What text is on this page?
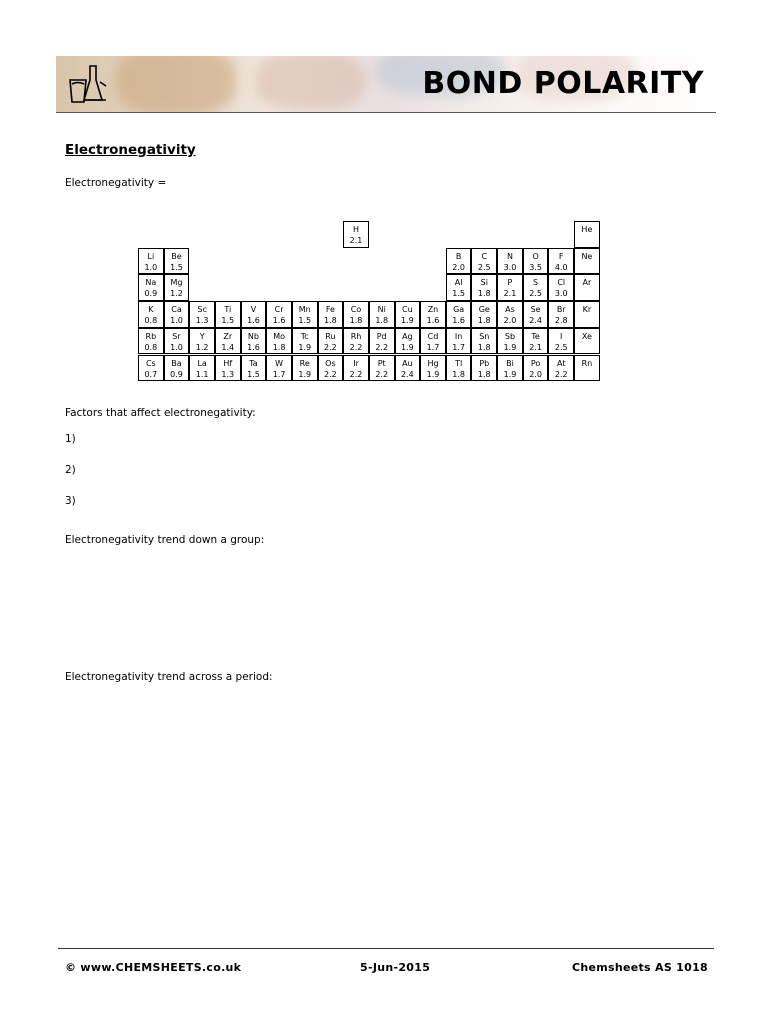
BOND POLARITY
Electronegativity
Electronegativity =
H
2.1
He
Li
1.0
Be
1.5
B
2.0
C
2.5
N
3.0
O
3.5
F
4.0
Ne
Na
0.9
Mg
1.2
Al
1.5
Si
1.8
P
2.1
S
2.5
Cl
3.0
Ar
K
0.8
Ca
1.0
Sc
1.3
Ti
1.5
V
1.6
Cr
1.6
Mn
1.5
Fe
1.8
Co
1.8
Ni
1.8
Cu
1.9
Zn
1.6
Ga
1.6
Ge
1.8
As
2.0
Se
2.4
Br
2.8
Kr
Rb
0.8
Sr
1.0
Y
1.2
Zr
1.4
Nb
1.6
Mo
1.8
Tc
1.9
Ru
2.2
Rh
2.2
Pd
2.2
Ag
1.9
Cd
1.7
In
1.7
Sn
1.8
Sb
1.9
Te
2.1
I
2.5
Xe
Cs
0.7
Ba
0.9
La
1.1
Hf
1.3
Ta
1.5
W
1.7
Re
1.9
Os
2.2
Ir
2.2
Pt
2.2
Au
2.4
Hg
1.9
Tl
1.8
Pb
1.8
Bi
1.9
Po
2.0
At
2.2
Rn
Factors that affect electronegativity:
1)
2)
3)
Electronegativity trend down a group:
Electronegativity trend across a period:
© www.CHEMSHEETS.co.uk	5-Jun-2015	Chemsheets AS 1018
